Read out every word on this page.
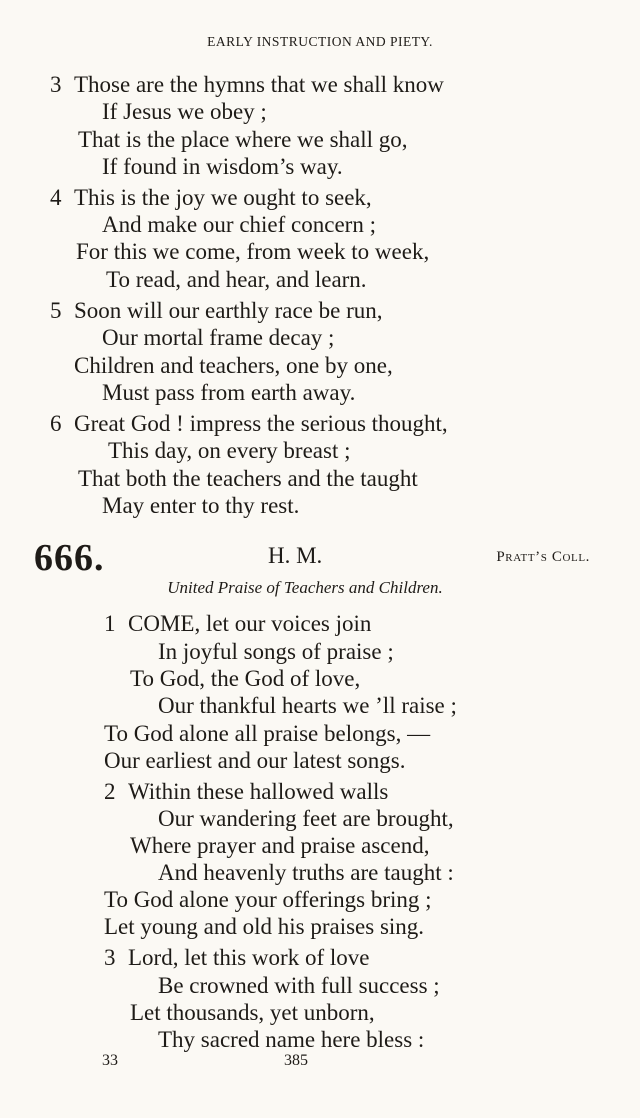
EARLY INSTRUCTION AND PIETY.
3 Those are the hymns that we shall know
If Jesus we obey ;
That is the place where we shall go,
If found in wisdom’s way.
4 This is the joy we ought to seek,
And make our chief concern ;
For this we come, from week to week,
To read, and hear, and learn.
5 Soon will our earthly race be run,
Our mortal frame decay ;
Children and teachers, one by one,
Must pass from earth away.
6 Great God ! impress the serious thought,
This day, on every breast ;
That both the teachers and the taught
May enter to thy rest.
666.	H. M.	Pratt’s Coll.
United Praise of Teachers and Children.
1 COME, let our voices join
In joyful songs of praise ;
To God, the God of love,
Our thankful hearts we ’ll raise ;
To God alone all praise belongs, —
Our earliest and our latest songs.
2 Within these hallowed walls
Our wandering feet are brought,
Where prayer and praise ascend,
And heavenly truths are taught :
To God alone your offerings bring ;
Let young and old his praises sing.
3 Lord, let this work of love
Be crowned with full success ;
Let thousands, yet unborn,
Thy sacred name here bless :
33	385
